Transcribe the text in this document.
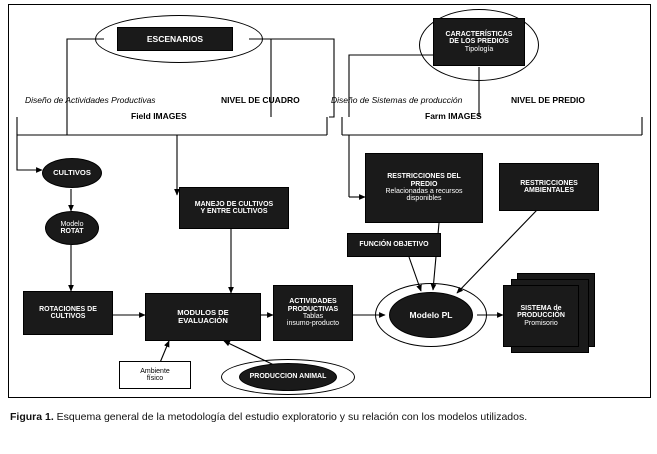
ESCENARIOS	CARACTERÍSTICAS
DE LOS PREDIOS
Tipología
Diseño de Actividades Productivas	NIVEL DE CUADRO
Field IMAGES
Diseño de Sistemas de producción	NIVEL DE PREDIO
Farm IMAGES
CULTIVOS
Modelo
ROTAT
ROTACIONES DE
CULTIVOS	MODULOS DE
EVALUACIÓN
MANEJO DE CULTIVOS
Y ENTRE CULTIVOS
ACTIVIDADES
PRODUCTIVAS
Tablas
insumo-producto
Ambiente
físico	PRODUCCION ANIMAL
RESTRICCIONES DEL
PREDIO
Relacionadas a recursos
disponibles
RESTRICCIONES
AMBIENTALES
FUNCIÓN OBJETIVO
Modelo PL
SISTEMA de
PRODUCCIÓN
Promisorio
Figura 1. Esquema general de la metodología del estudio exploratorio y su relación con los modelos utilizados.
